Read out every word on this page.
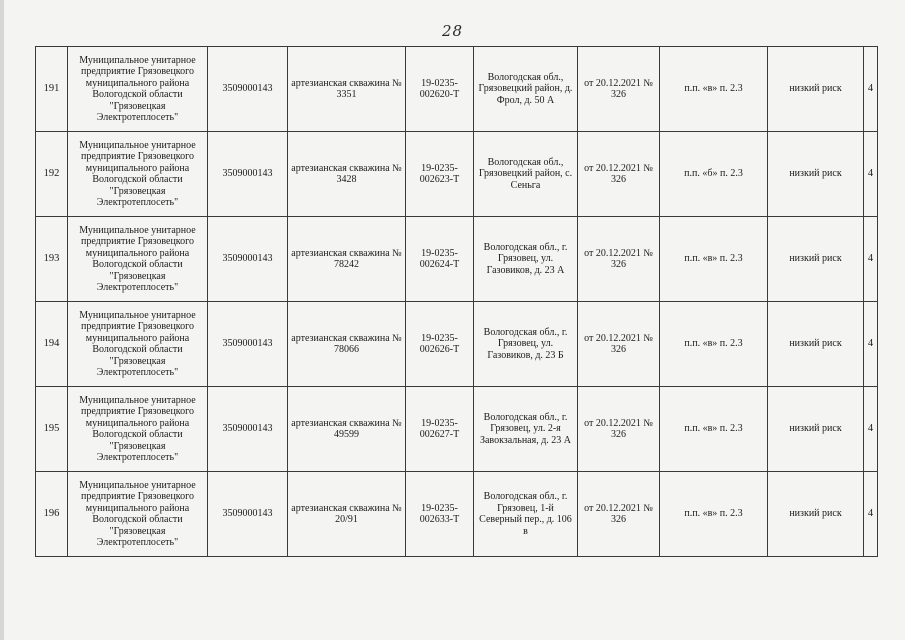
28
191	Муниципальное унитарное предприятие Грязовецкого муниципального района Вологодской области "Грязовецкая Электротеплосеть"	3509000143	артезианская скважина № 3351	19-0235-002620-Т	Вологодская обл., Грязовецкий район, д. Фрол, д. 50 А	от 20.12.2021 № 326	п.п. «в» п. 2.3	низкий риск	4
192	Муниципальное унитарное предприятие Грязовецкого муниципального района Вологодской области "Грязовецкая Электротеплосеть"	3509000143	артезианская скважина № 3428	19-0235-002623-Т	Вологодская обл., Грязовецкий район, с. Сеньга	от 20.12.2021 № 326	п.п. «б» п. 2.3	низкий риск	4
193	Муниципальное унитарное предприятие Грязовецкого муниципального района Вологодской области "Грязовецкая Электротеплосеть"	3509000143	артезианская скважина № 78242	19-0235-002624-Т	Вологодская обл., г. Грязовец, ул. Газовиков, д. 23 А	от 20.12.2021 № 326	п.п. «в» п. 2.3	низкий риск	4
194	Муниципальное унитарное предприятие Грязовецкого муниципального района Вологодской области "Грязовецкая Электротеплосеть"	3509000143	артезианская скважина № 78066	19-0235-002626-Т	Вологодская обл., г. Грязовец, ул. Газовиков, д. 23 Б	от 20.12.2021 № 326	п.п. «в» п. 2.3	низкий риск	4
195	Муниципальное унитарное предприятие Грязовецкого муниципального района Вологодской области "Грязовецкая Электротеплосеть"	3509000143	артезианская скважина № 49599	19-0235-002627-Т	Вологодская обл., г. Грязовец, ул. 2-я Завокзальная, д. 23 А	от 20.12.2021 № 326	п.п. «в» п. 2.3	низкий риск	4
196	Муниципальное унитарное предприятие Грязовецкого муниципального района Вологодской области "Грязовецкая Электротеплосеть"	3509000143	артезианская скважина № 20/91	19-0235-002633-Т	Вологодская обл., г. Грязовец, 1-й Северный пер., д. 106 в	от 20.12.2021 № 326	п.п. «в» п. 2.3	низкий риск	4
